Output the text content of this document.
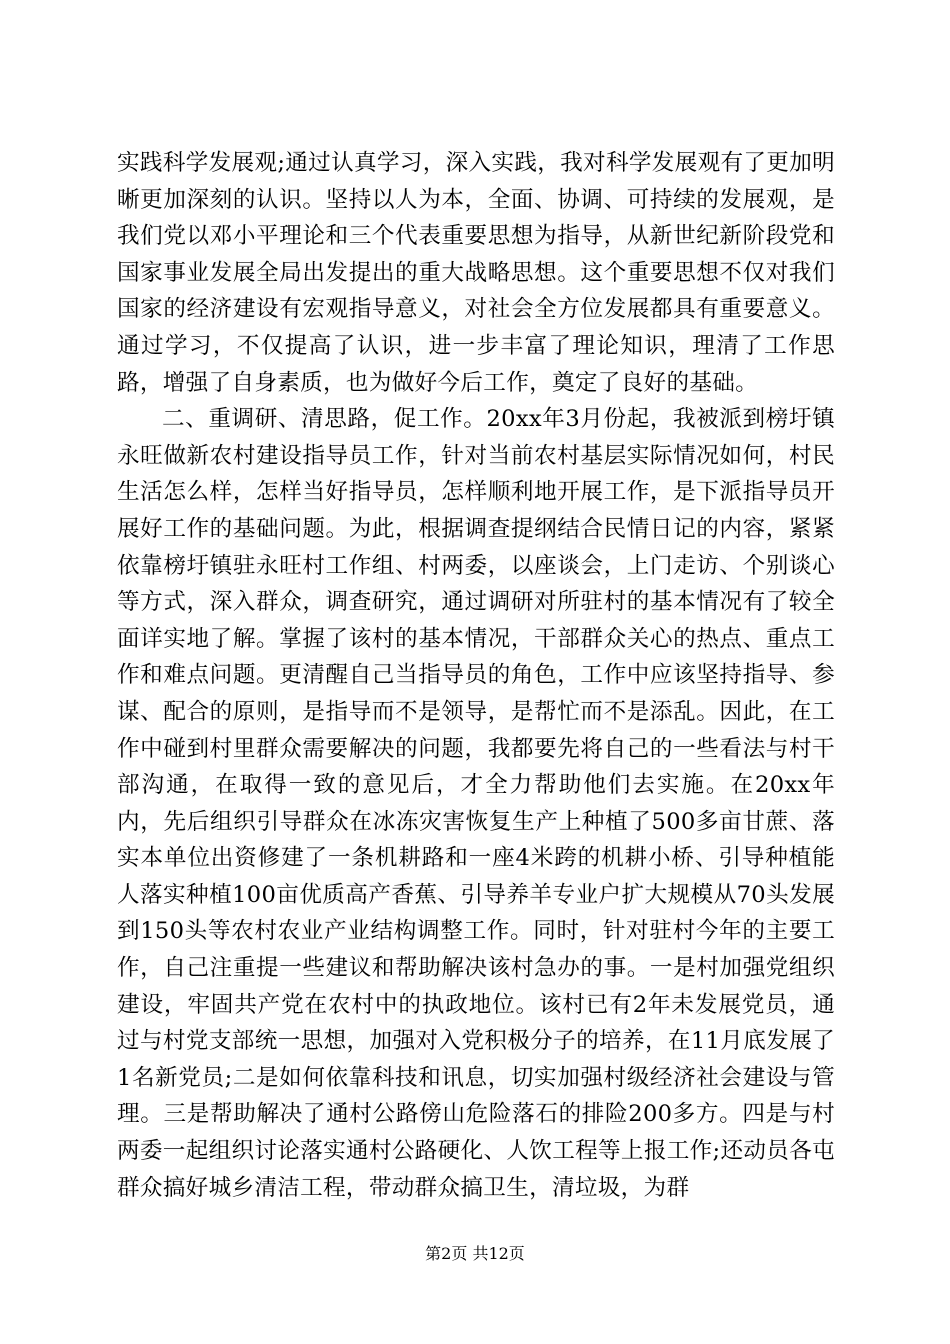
实践科学发展观;通过认真学习，深入实践，我对科学发展观有了更加明晰更加深刻的认识。坚持以人为本，全面、协调、可持续的发展观，是我们党以邓小平理论和三个代表重要思想为指导，从新世纪新阶段党和国家事业发展全局出发提出的重大战略思想。这个重要思想不仅对我们国家的经济建设有宏观指导意义，对社会全方位发展都具有重要意义。通过学习，不仅提高了认识，进一步丰富了理论知识，理清了工作思路，增强了自身素质，也为做好今后工作，奠定了良好的基础。

二、重调研、清思路，促工作。20xx年3月份起，我被派到榜圩镇永旺做新农村建设指导员工作，针对当前农村基层实际情况如何，村民生活怎么样，怎样当好指导员，怎样顺利地开展工作，是下派指导员开展好工作的基础问题。为此，根据调查提纲结合民情日记的内容，紧紧依靠榜圩镇驻永旺村工作组、村两委，以座谈会，上门走访、个别谈心等方式，深入群众，调查研究，通过调研对所驻村的基本情况有了较全面详实地了解。掌握了该村的基本情况，干部群众关心的热点、重点工作和难点问题。更清醒自己当指导员的角色，工作中应该坚持指导、参谋、配合的原则，是指导而不是领导，是帮忙而不是添乱。因此，在工作中碰到村里群众需要解决的问题，我都要先将自己的一些看法与村干部沟通，在取得一致的意见后，才全力帮助他们去实施。在20xx年内，先后组织引导群众在冰冻灾害恢复生产上种植了500多亩甘蔗、落实本单位出资修建了一条机耕路和一座4米跨的机耕小桥、引导种植能人落实种植100亩优质高产香蕉、引导养羊专业户扩大规模从70头发展到150头等农村农业产业结构调整工作。同时，针对驻村今年的主要工作，自己注重提一些建议和帮助解决该村急办的事。一是村加强党组织建设，牢固共产党在农村中的执政地位。该村已有2年未发展党员，通过与村党支部统一思想，加强对入党积极分子的培养，在11月底发展了1名新党员;二是如何依靠科技和讯息，切实加强村级经济社会建设与管理。三是帮助解决了通村公路傍山危险落石的排险200多方。四是与村两委一起组织讨论落实通村公路硬化、人饮工程等上报工作;还动员各屯群众搞好城乡清洁工程，带动群众搞卫生，清垃圾，为群

第2页 共12页
